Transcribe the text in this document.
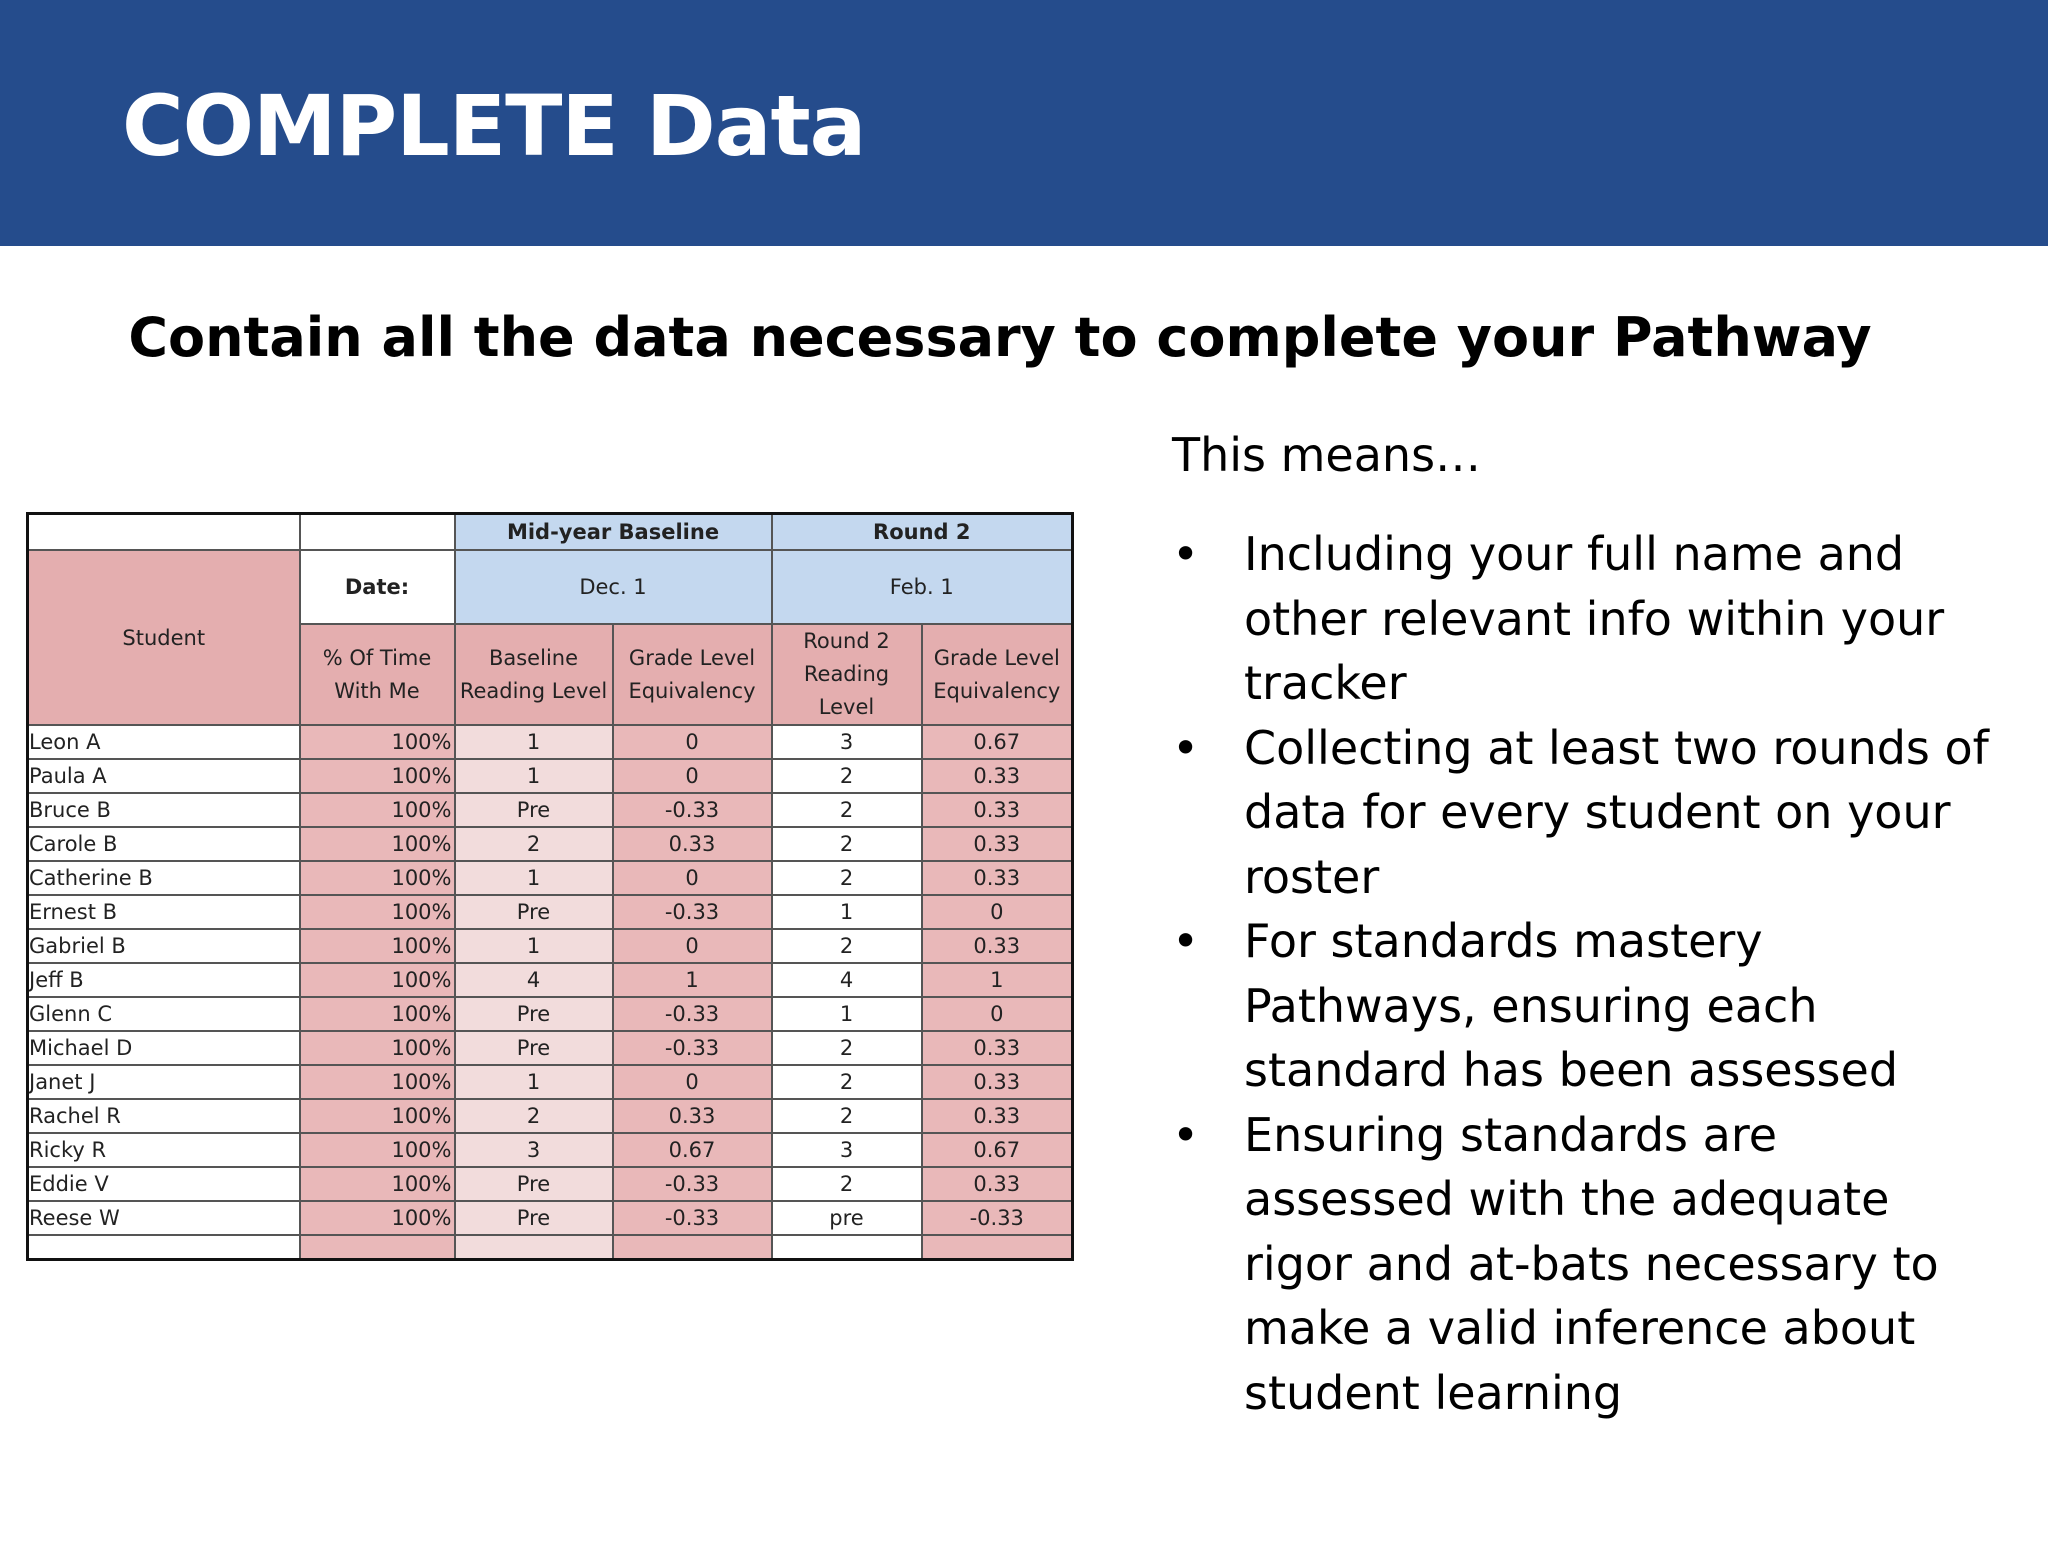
COMPLETE Data
Contain all the data necessary to complete your Pathway
		Mid-year Baseline		Round 2	
Student	Date:	Dec. 1		Feb. 1	
	% Of Time With Me	Baseline Reading Level	Grade Level Equivalency	Round 2 Reading Level	Grade Level Equivalency
Leon A	100%	1	0	3	0.67
Paula A	100%	1	0	2	0.33
Bruce B	100%	Pre	-0.33	2	0.33
Carole B	100%	2	0.33	2	0.33
Catherine B	100%	1	0	2	0.33
Ernest B	100%	Pre	-0.33	1	0
Gabriel B	100%	1	0	2	0.33
Jeff B	100%	4	1	4	1
Glenn C	100%	Pre	-0.33	1	0
Michael D	100%	Pre	-0.33	2	0.33
Janet J	100%	1	0	2	0.33
Rachel R	100%	2	0.33	2	0.33
Ricky R	100%	3	0.67	3	0.67
Eddie V	100%	Pre	-0.33	2	0.33
Reese W	100%	Pre	-0.33	pre	-0.33

This means…

• Including your full name and other relevant info within your tracker
• Collecting at least two rounds of data for every student on your roster
• For standards mastery Pathways, ensuring each standard has been assessed
• Ensuring standards are assessed with the adequate rigor and at-bats necessary to make a valid inference about student learning
